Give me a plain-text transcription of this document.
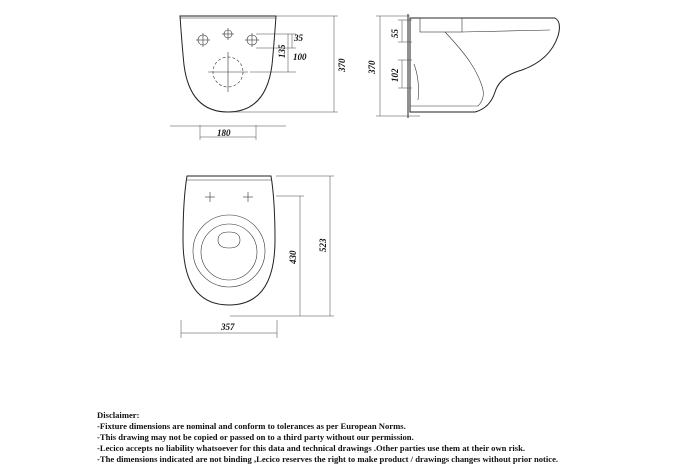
35
135 100
370
180
55
370
102
430
523
357
Disclaimer:
-Fixture dimensions are nominal and conform to tolerances as per European Norms.
-This drawing may not be copied or passed on to a third party without our permission.
-Lecico accepts no liability whatsoever for this data and technical drawings .Other parties use them at their own risk.
-The dimensions indicated are not binding ,Lecico reserves the right to make product / drawings changes without prior notice.
